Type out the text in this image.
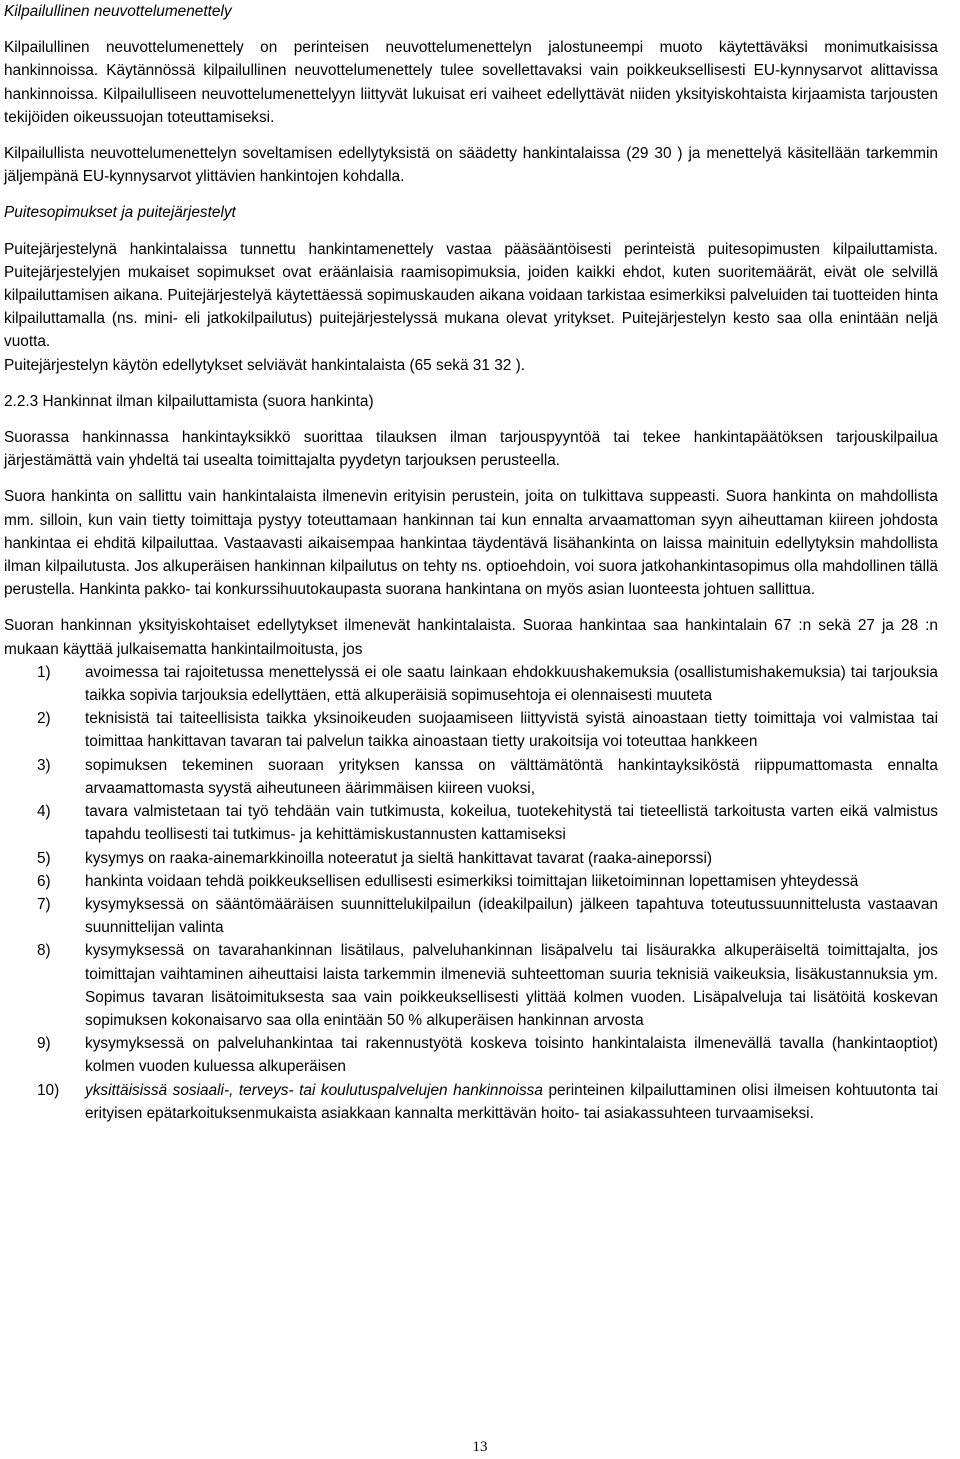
Kilpailullinen neuvottelumenettely

Kilpailullinen neuvottelumenettely on perinteisen neuvottelumenettelyn jalostuneempi muoto käytettäväksi monimutkaisissa hankinnoissa. Käytännössä kilpailullinen neuvottelumenettely tulee sovellettavaksi vain poikkeuksellisesti EU-kynnysarvot alittavissa hankinnoissa. Kilpailulliseen neuvottelumenettelyyn liittyvät lukuisat eri vaiheet edellyttävät niiden yksityiskohtaista kirjaamista tarjousten tekijöiden oikeussuojan toteuttamiseksi.

Kilpailullista neuvottelumenettelyn soveltamisen edellytyksistä on säädetty hankintalaissa (29 30 ) ja menettelyä käsitellään tarkemmin jäljempänä EU-kynnysarvot ylittävien hankintojen kohdalla.

Puitesopimukset ja puitejärjestelyt

Puitejärjestelynä hankintalaissa tunnettu hankintamenettely vastaa pääsääntöisesti perinteistä puitesopimusten kilpailuttamista. Puitejärjestelyjen mukaiset sopimukset ovat eräänlaisia raamisopimuksia, joiden kaikki ehdot, kuten suoritemäärät, eivät ole selvillä kilpailuttamisen aikana. Puitejärjestelyä käytettäessä sopimuskauden aikana voidaan tarkistaa esimerkiksi palveluiden tai tuotteiden hinta kilpailuttamalla (ns. mini- eli jatkokilpailutus) puitejärjestelyssä mukana olevat yritykset. Puitejärjestelyn kesto saa olla enintään neljä vuotta.

Puitejärjestelyn käytön edellytykset selviävät hankintalaista (65 sekä 31 32 ).

2.2.3 Hankinnat ilman kilpailuttamista (suora hankinta)

Suorassa hankinnassa hankintayksikkö suorittaa tilauksen ilman tarjouspyyntöä tai tekee hankintapäätöksen tarjouskilpailua järjestämättä vain yhdeltä tai usealta toimittajalta pyydetyn tarjouksen perusteella.

Suora hankinta on sallittu vain hankintalaista ilmenevin erityisin perustein, joita on tulkittava suppeasti. Suora hankinta on mahdollista mm. silloin, kun vain tietty toimittaja pystyy toteuttamaan hankinnan tai kun ennalta arvaamattoman syyn aiheuttaman kiireen johdosta hankintaa ei ehditä kilpailuttaa. Vastaavasti aikaisempaa hankintaa täydentävä lisähankinta on laissa mainituin edellytyksin mahdollista ilman kilpailutusta. Jos alkuperäisen hankinnan kilpailutus on tehty ns. optioehdoin, voi suora jatkohankintasopimus olla mahdollinen tällä perustella. Hankinta pakko- tai konkurssihuutokaupasta suorana hankintana on myös asian luonteesta johtuen sallittua.

Suoran hankinnan yksityiskohtaiset edellytykset ilmenevät hankintalaista. Suoraa hankintaa saa hankintalain 67 :n sekä 27 ja 28 :n mukaan käyttää julkaisematta hankintailmoitusta, jos

1)	avoimessa tai rajoitetussa menettelyssä ei ole saatu lainkaan ehdokkuushakemuksia (osallistumishakemuksia) tai tarjouksia taikka sopivia tarjouksia edellyttäen, että alkuperäisiä sopimusehtoja ei olennaisesti muuteta
2)	teknisistä tai taiteellisista taikka yksinoikeuden suojaamiseen liittyvistä syistä ainoastaan tietty toimittaja voi valmistaa tai toimittaa hankittavan tavaran tai palvelun taikka ainoastaan tietty urakoitsija voi toteuttaa hankkeen
3)	sopimuksen tekeminen suoraan yrityksen kanssa on välttämätöntä hankintayksiköstä riippumattomasta ennalta arvaamattomasta syystä aiheutuneen äärimmäisen kiireen vuoksi,
4)	tavara valmistetaan tai työ tehdään vain tutkimusta, kokeilua, tuotekehitystä tai tieteellistä tarkoitusta varten eikä valmistus tapahdu teollisesti tai tutkimus- ja kehittämiskustannusten kattamiseksi
5)	kysymys on raaka-ainemarkkinoilla noteeratut ja sieltä hankittavat tavarat (raaka-aineporssi)
6)	hankinta voidaan tehdä poikkeuksellisen edullisesti esimerkiksi toimittajan liiketoiminnan lopettamisen yhteydessä
7)	kysymyksessä on sääntömääräisen suunnittelukilpailun (ideakilpailun) jälkeen tapahtuva toteutussuunnittelusta vastaavan suunnittelijan valinta
8)	kysymyksessä on tavarahankinnan lisätilaus, palveluhankinnan lisäpalvelu tai lisäurakka alkuperäiseltä toimittajalta, jos toimittajan vaihtaminen aiheuttaisi laista tarkemmin ilmeneviä suhteettoman suuria teknisiä vaikeuksia, lisäkustannuksia ym. Sopimus tavaran lisätoimituksesta saa vain poikkeuksellisesti ylittää kolmen vuoden. Lisäpalveluja tai lisätöitä koskevan sopimuksen kokonaisarvo saa olla enintään 50 % alkuperäisen hankinnan arvosta
9)	kysymyksessä on palveluhankintaa tai rakennustyötä koskeva toisinto hankintalaista ilmenevällä tavalla (hankintaoptiot) kolmen vuoden kuluessa alkuperäisen
10)	yksittäisissä sosiaali-, terveys- tai koulutuspalvelujen hankinnoissa perinteinen kilpailuttaminen olisi ilmeisen kohtuutonta tai erityisen epätarkoituksenmukaista asiakkaan kannalta merkittävän hoito- tai asiakassuhteen turvaamiseksi.
13
